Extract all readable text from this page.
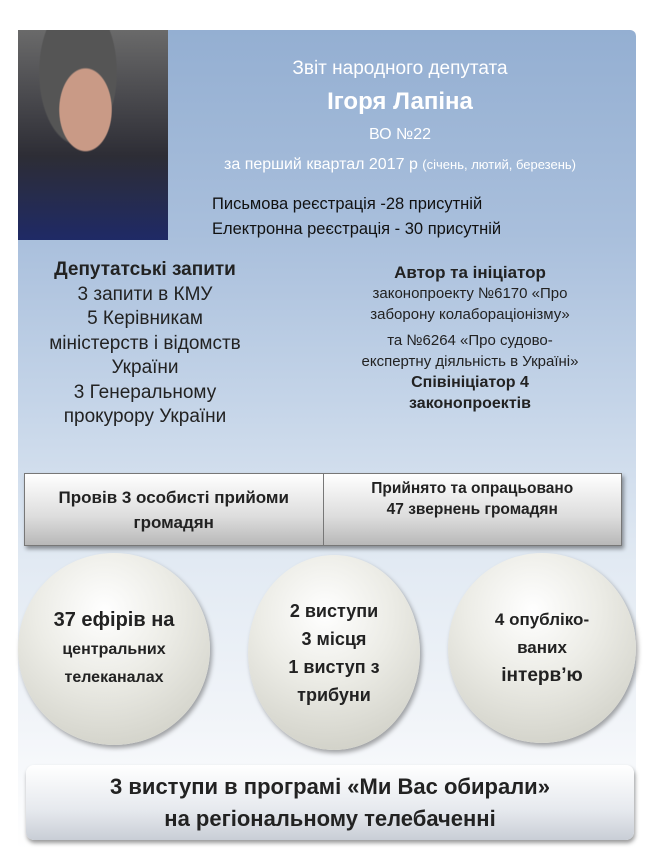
Звіт народного депутата
Ігоря Лапіна
ВО №22
за перший квартал 2017 р (січень, лютий, березень)
Письмова реєстрація -28 присутній
Електронна реєстрація - 30 присутній
Депутатські запити
3 запити в КМУ
5 Керівникам
міністерств і відомств
України
3 Генеральному
прокурору України
Автор та ініціатор
законопроекту №6170 «Про
заборону колабораціонізму»
та №6264 «Про судово-
експертну діяльність в Україні»
Співініціатор 4
законопроектів
Провів 3 особисті прийоми
громадян
Прийнято та опрацьовано
47 звернень громадян
37 ефірів на
центральних
телеканалах
2 виступи
3 місця
1 виступ з
трибуни
4 опубліко-
ваних
інтерв’ю
3 виступи в програмі «Ми Вас обирали»
на регіональному телебаченні
